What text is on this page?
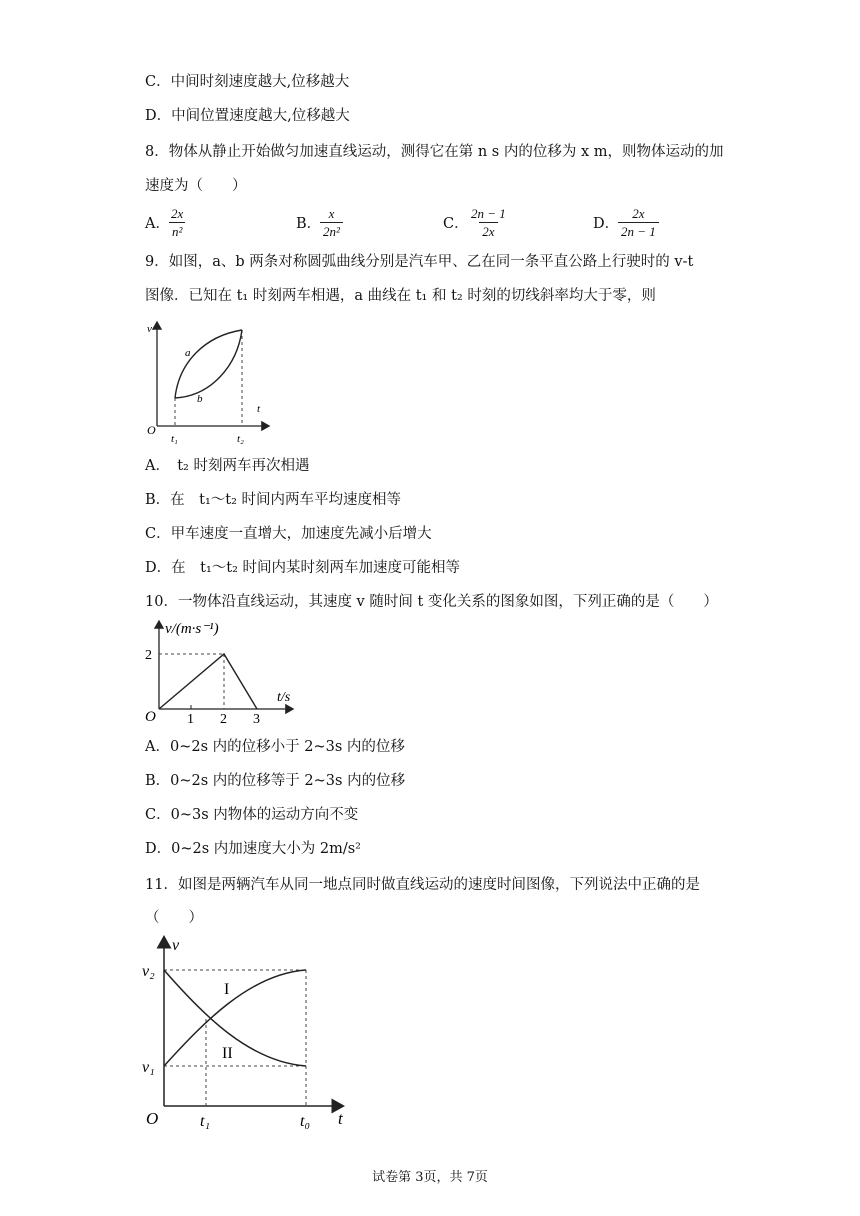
C．中间时刻速度越大,位移越大
D．中间位置速度越大,位移越大
8．物体从静止开始做匀加速直线运动，测得它在第 n s 内的位移为 x m，则物体运动的加
速度为（　　）
A．
$\frac{2x}{\text{n²}}$	B．
$\frac{x}{\text{2n²}}$	C． $\frac{2n - 1}{2x}$	D．
$\frac{2x}{2n - 1}$
9．如图，a、b 两条对称圆弧曲线分别是汽车甲、乙在同一条平直公路上行驶时的 v-t
图像．已知在 t₁ 时刻两车相遇，a 曲线在 t₁ 和 t₂ 时刻的切线斜率均大于零，则
v
t
O
a
b
t₁	t₂
A．　t₂ 时刻两车再次相遇
B．在　t₁～t₂ 时间内两车平均速度相等
C．甲车速度一直增大，加速度先减小后增大
D．在　t₁～t₂ 时间内某时刻两车加速度可能相等
10．一物体沿直线运动，其速度 v 随时间 t 变化关系的图象如图，下列正确的是（　　）
v/(m·s⁻¹)
t/s
O
2
1 2 3
A．0~2s 内的位移小于 2~3s 内的位移
B．0~2s 内的位移等于 2~3s 内的位移
C．0~3s 内物体的运动方向不变
D．0~2s 内加速度大小为 2m/s²
11．如图是两辆汽车从同一地点同时做直线运动的速度时间图像，下列说法中正确的是
（　　）
v
t
O
v₂
v₁
t₁	t₀
I
II
试卷第 3页，共 7页
